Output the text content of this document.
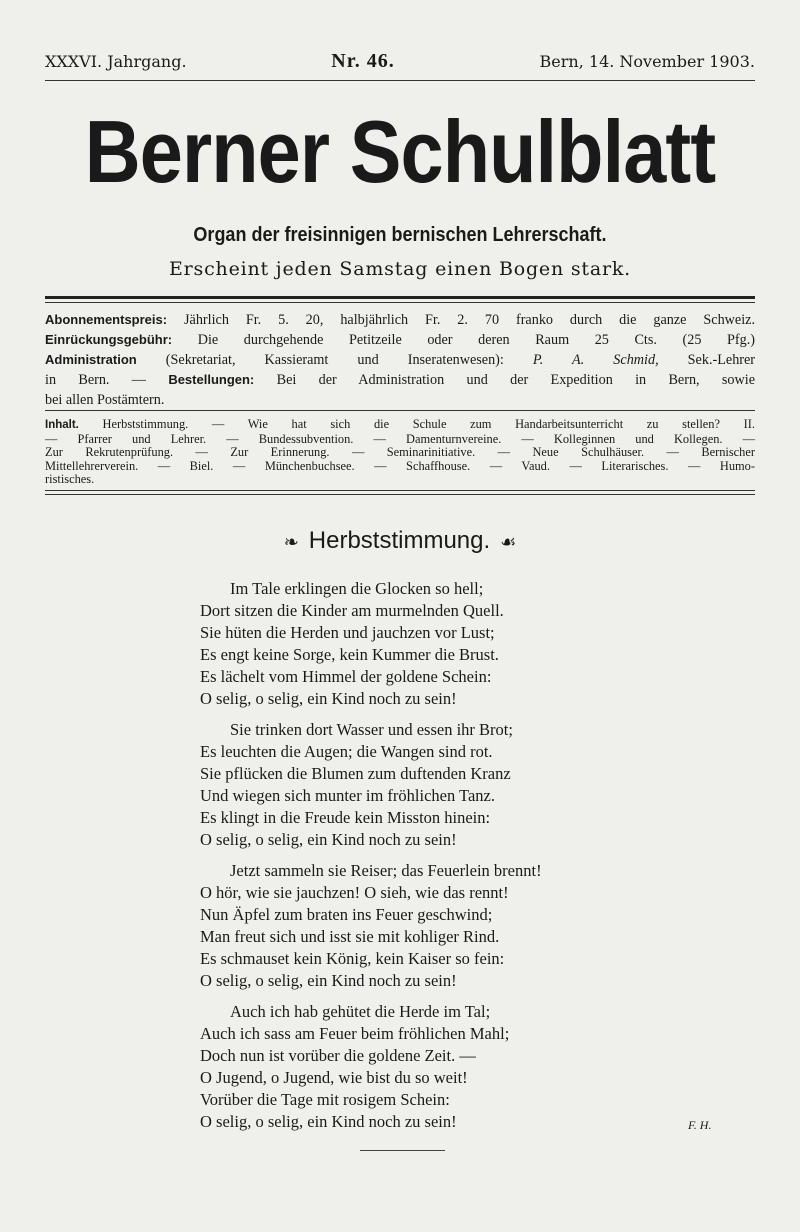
XXXVI. Jahrgang.	Nr. 46.	Bern, 14. November 1903.
Berner Schulblatt
Organ der freisinnigen bernischen Lehrerschaft.
Erscheint jeden Samstag einen Bogen stark.

Abonnementspreis: Jährlich Fr. 5. 20, halbjährlich Fr. 2. 70 franko durch die ganze Schweiz.

Einrückungsgebühr: Die durchgehende Petitzeile oder deren Raum 25 Cts. (25 Pfg.)

Administration (Sekretariat, Kassieramt und Inseratenwesen): P. A. Schmid, Sek.-Lehrer

in Bern. — Bestellungen: Bei der Administration und der Expedition in Bern, sowie

bei allen Postämtern.

Inhalt. Herbststimmung. — Wie hat sich die Schule zum Handarbeitsunterricht zu stellen? II.

— Pfarrer und Lehrer. — Bundessubvention. — Damenturnvereine. — Kolleginnen und Kollegen. —

Zur Rekrutenprüfung. — Zur Erinnerung. — Seminarinitiative. — Neue Schulhäuser. — Bernischer

Mittellehrerverein. — Biel. — Münchenbuchsee. — Schaffhouse. — Vaud. — Literarisches. — Humo-

ristisches.

❧ Herbststimmung. ☙
Im Tale erklingen die Glocken so hell;
Dort sitzen die Kinder am murmelnden Quell.
Sie hüten die Herden und jauchzen vor Lust;
Es engt keine Sorge, kein Kummer die Brust.
Es lächelt vom Himmel der goldene Schein:
O selig, o selig, ein Kind noch zu sein!
Sie trinken dort Wasser und essen ihr Brot;
Es leuchten die Augen; die Wangen sind rot.
Sie pflücken die Blumen zum duftenden Kranz
Und wiegen sich munter im fröhlichen Tanz.
Es klingt in die Freude kein Misston hinein:
O selig, o selig, ein Kind noch zu sein!
Jetzt sammeln sie Reiser; das Feuerlein brennt!
O hör, wie sie jauchzen! O sieh, wie das rennt!
Nun Äpfel zum braten ins Feuer geschwind;
Man freut sich und isst sie mit kohliger Rind.
Es schmauset kein König, kein Kaiser so fein:
O selig, o selig, ein Kind noch zu sein!
Auch ich hab gehütet die Herde im Tal;
Auch ich sass am Feuer beim fröhlichen Mahl;
Doch nun ist vorüber die goldene Zeit. —
O Jugend, o Jugend, wie bist du so weit!
Vorüber die Tage mit rosigem Schein:
O selig, o selig, ein Kind noch zu sein!	F. H.
